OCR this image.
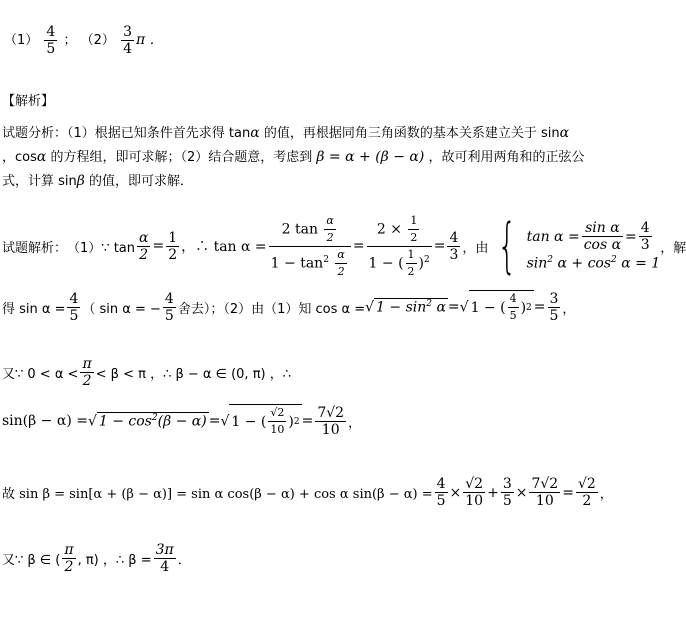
$(1) \frac{4}{5}$ ； $(2) \frac{3}{4}$ π ．
【解析】
试题分析：（1）根据已知条件首先求得 tanα 的值，再根据同角三角函数的基本关系建立关于 sinα
，cosα 的方程组，即可求解；（2）结合题意，考虑到 β = α + (β − α) ，故可利用两角和的正弦公
式，计算 sinβ 的值，即可求解．
试题解析： （1）∵ $\tan \frac{\alpha}{2} = \frac{1}{2}$ ，∴ $\tan \alpha = \frac{2 \tan \frac{\alpha}{2}}{1 - \tan^2 \frac{\alpha}{2}} = \frac{2 \times \frac{1}{2}}{1 - ( \frac{1}{2} )^2} = \frac{4}{3}$ ，由 { $\tan \alpha = \frac{\text{sin α}}{\text{cos α}} = \frac{4}{3}$
$\sin^2 \alpha + \cos^2 \alpha = 1$
，解
得 $\sin \alpha = \frac{4}{5}$ （ sin α = − $\frac{4}{5}$ 舍去）；（2）由（1）知 cos α = √ $1 - \sin^2 \alpha$ = √ 1 − ( $\frac{4}{5}$ ) $2 = \frac{3}{5}$ ，
又∵ $0 < \alpha < \frac{\pi}{2} < \beta < \pi$ ，∴ β − α ∈ (0, π) ，∴
sin(β − α) = √ $1 - \cos^2(\beta - \alpha)$ = √ 1 − ( $\frac{√2}{10}$ ) $2 = \frac{7√2}{10}$ ，
故 sin β = sin[α + (β − α)] = sin α cos(β − α) + cos α $\sin(\beta - \alpha) = \frac{4}{5} \times \frac{√2}{10} + \frac{3}{5} \times \frac{7√2}{10} = \frac{√2}{2}$ ，
又∵ β ∈ ( $\frac{\pi}{2}$ , π) ，∴ $\beta = \frac{3\pi}{4}$ ．
